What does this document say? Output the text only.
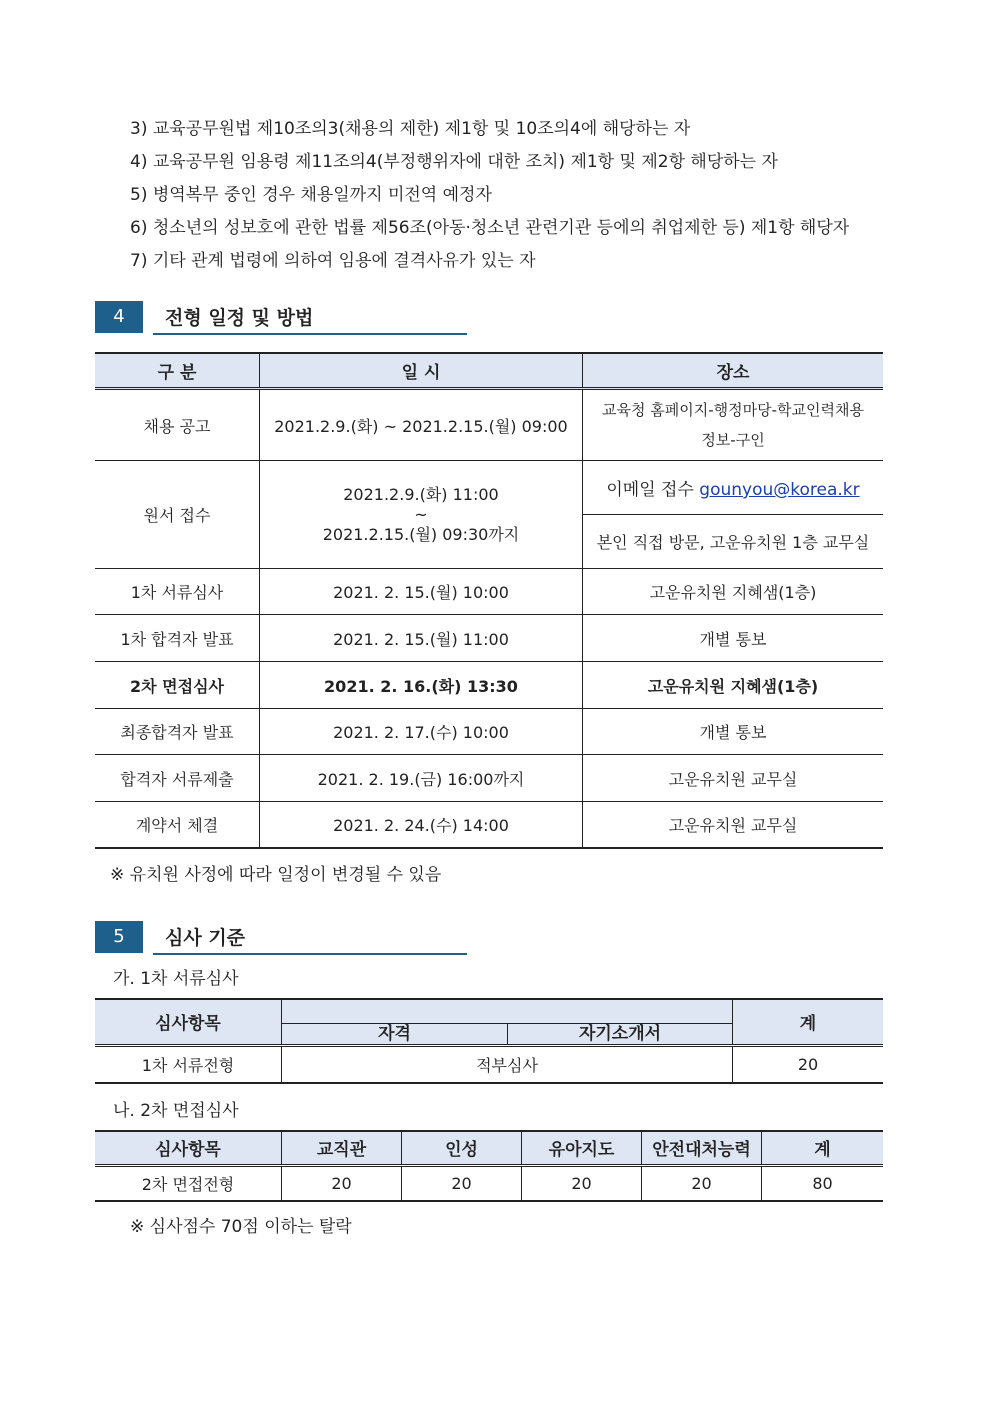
3) 교육공무원법 제10조의3(채용의 제한) 제1항 및 10조의4에 해당하는 자
4) 교육공무원 임용령 제11조의4(부정행위자에 대한 조치) 제1항 및 제2항 해당하는 자
5) 병역복무 중인 경우 채용일까지 미전역 예정자
6) 청소년의 성보호에 관한 법률 제56조(아동·청소년 관련기관 등에의 취업제한 등) 제1항 해당자
7) 기타 관계 법령에 의하여 임용에 결격사유가 있는 자
4	전형 일정 및 방법
구 분	일 시	장소
채용 공고	2021.2.9.(화) ~ 2021.2.15.(월) 09:00	교육청 홈페이지-행정마당-학교인력채용
정보-구인

원서 접수	2021.2.9.(화) 11:00
~
2021.2.15.(월) 09:30까지	이메일 접수 gounyou@korea.kr
		본인 직접 방문, 고운유치원 1층 교무실
1차 서류심사	2021. 2. 15.(월) 10:00	고운유치원 지혜샘(1층)
1차 합격자 발표	2021. 2. 15.(월) 11:00	개별 통보
2차 면접심사	2021. 2. 16.(화) 13:30	고운유치원 지혜샘(1층)
최종합격자 발표	2021. 2. 17.(수) 10:00	개별 통보
합격자 서류제출	2021. 2. 19.(금) 16:00까지	고운유치원 교무실
계약서 체결	2021. 2. 24.(수) 14:00	고운유치원 교무실
※ 유치원 사정에 따라 일정이 변경될 수 있음
5	심사 기준
가. 1차 서류심사
심사항목			계
	자격	자기소개서	
1차 서류전형	적부심사		20
나. 2차 면접심사
심사항목	교직관	인성	유아지도	안전대처능력	계
2차 면접전형	20	20	20	20	80
※ 심사점수 70점 이하는 탈락
